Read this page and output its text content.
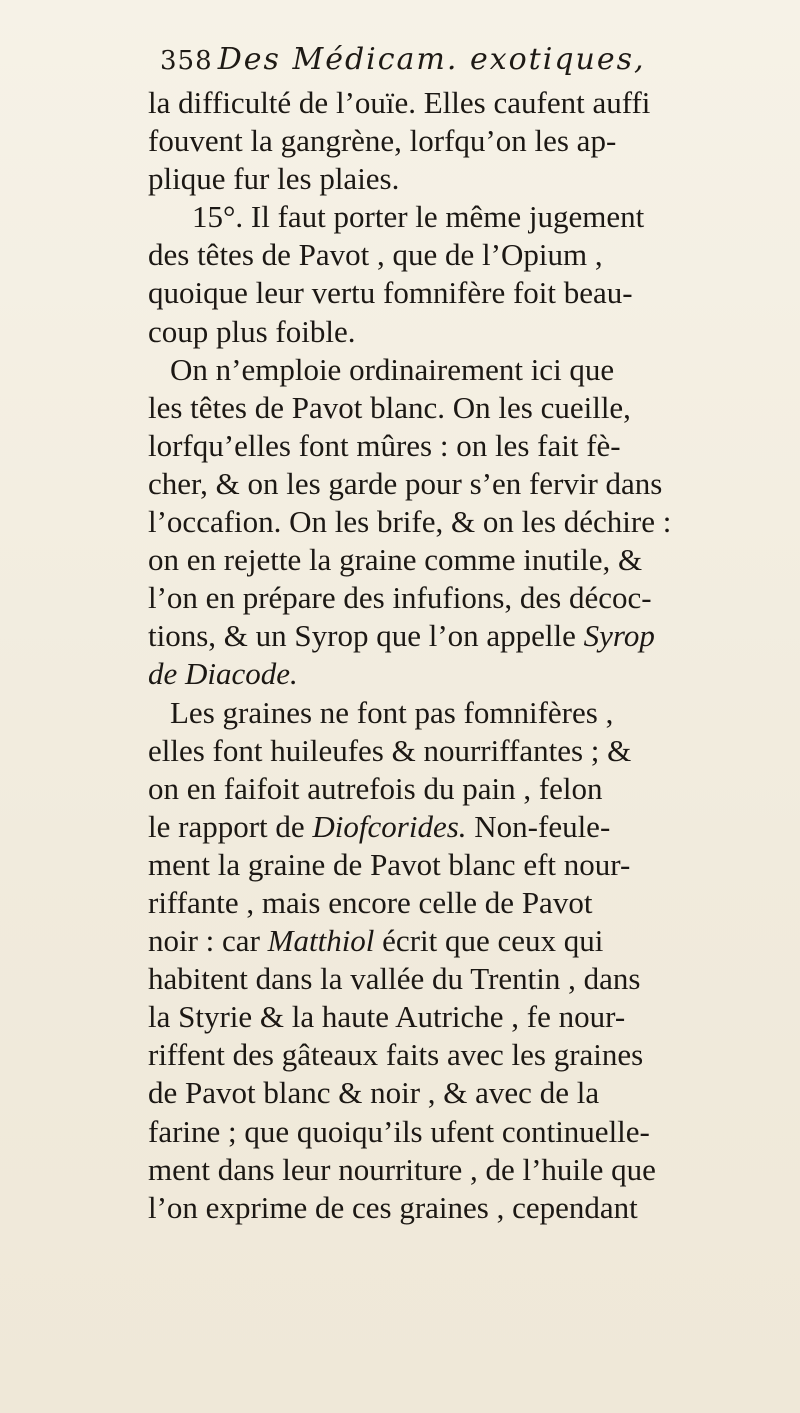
358 Des Médicam. exotiques,
la difficulté de l’ouïe. Elles caufent auffi
fouvent la gangrène, lorfqu’on les ap-
plique fur les plaies.
15°. Il faut porter le même jugement
des têtes de Pavot , que de l’Opium ,
quoique leur vertu fomnifère foit beau-
coup plus foible.
On n’emploie ordinairement ici que
les têtes de Pavot blanc. On les cueille,
lorfqu’elles font mûres : on les fait fè-
cher, & on les garde pour s’en fervir dans
l’occafion. On les brife, & on les déchire :
on en rejette la graine comme inutile, &
l’on en prépare des infufions, des décoc-
tions, & un Syrop que l’on appelle Syrop
de Diacode.
Les graines ne font pas fomnifères ,
elles font huileufes & nourriffantes ; &
on en faifoit autrefois du pain , felon
le rapport de Diofcorides. Non-feule-
ment la graine de Pavot blanc eft nour-
riffante , mais encore celle de Pavot
noir : car Matthiol écrit que ceux qui
habitent dans la vallée du Trentin , dans
la Styrie & la haute Autriche , fe nour-
riffent des gâteaux faits avec les graines
de Pavot blanc & noir , & avec de la
farine ; que quoiqu’ils ufent continuelle-
ment dans leur nourriture , de l’huile que
l’on exprime de ces graines , cependant
